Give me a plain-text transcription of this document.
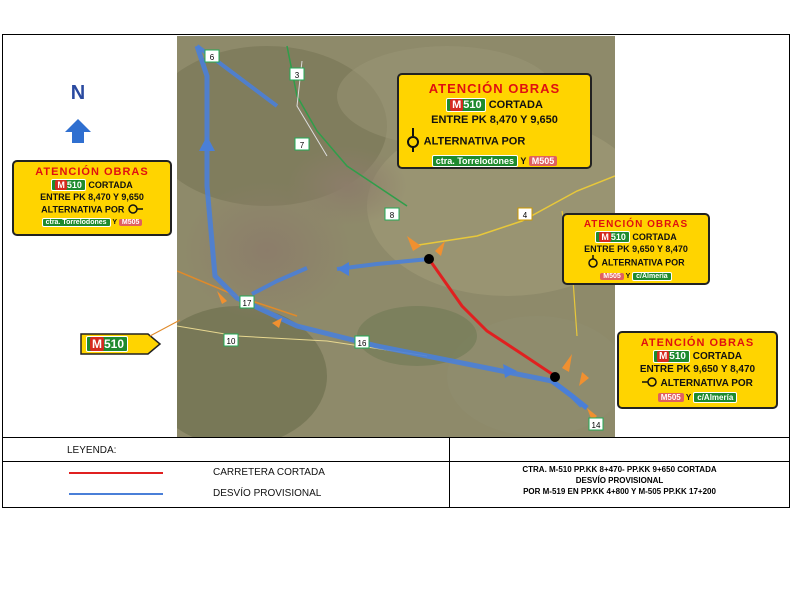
N
6
3
7
8	4
17
10	16
14
ATENCIÓN OBRAS
M 510 CORTADA
ENTRE PK 8,470 Y 9,650
ALTERNATIVA POR
ctra. Torrelodones Y M505
ATENCIÓN OBRAS
M 510 CORTADA
ENTRE PK 8,470 Y 9,650
ALTERNATIVA POR
ctra. Torrelodones Y M505	ATENCIÓN OBRAS
M 510 CORTADA
ENTRE PK 9,650 Y 8,470
ALTERNATIVA POR
M505 Y c/Almería
ATENCIÓN OBRAS
M 510 CORTADA
ENTRE PK 9,650 Y 8,470
ALTERNATIVA POR
M505 Y c/Almería
M 510
LEYENDA:
CARRETERA CORTADA
DESVÍO PROVISIONAL
CTRA. M-510 PP.KK 8+470- PP.KK 9+650 CORTADA
DESVÍO PROVISIONAL
POR M-519 EN PP.KK 4+800 Y M-505 PP.KK 17+200
